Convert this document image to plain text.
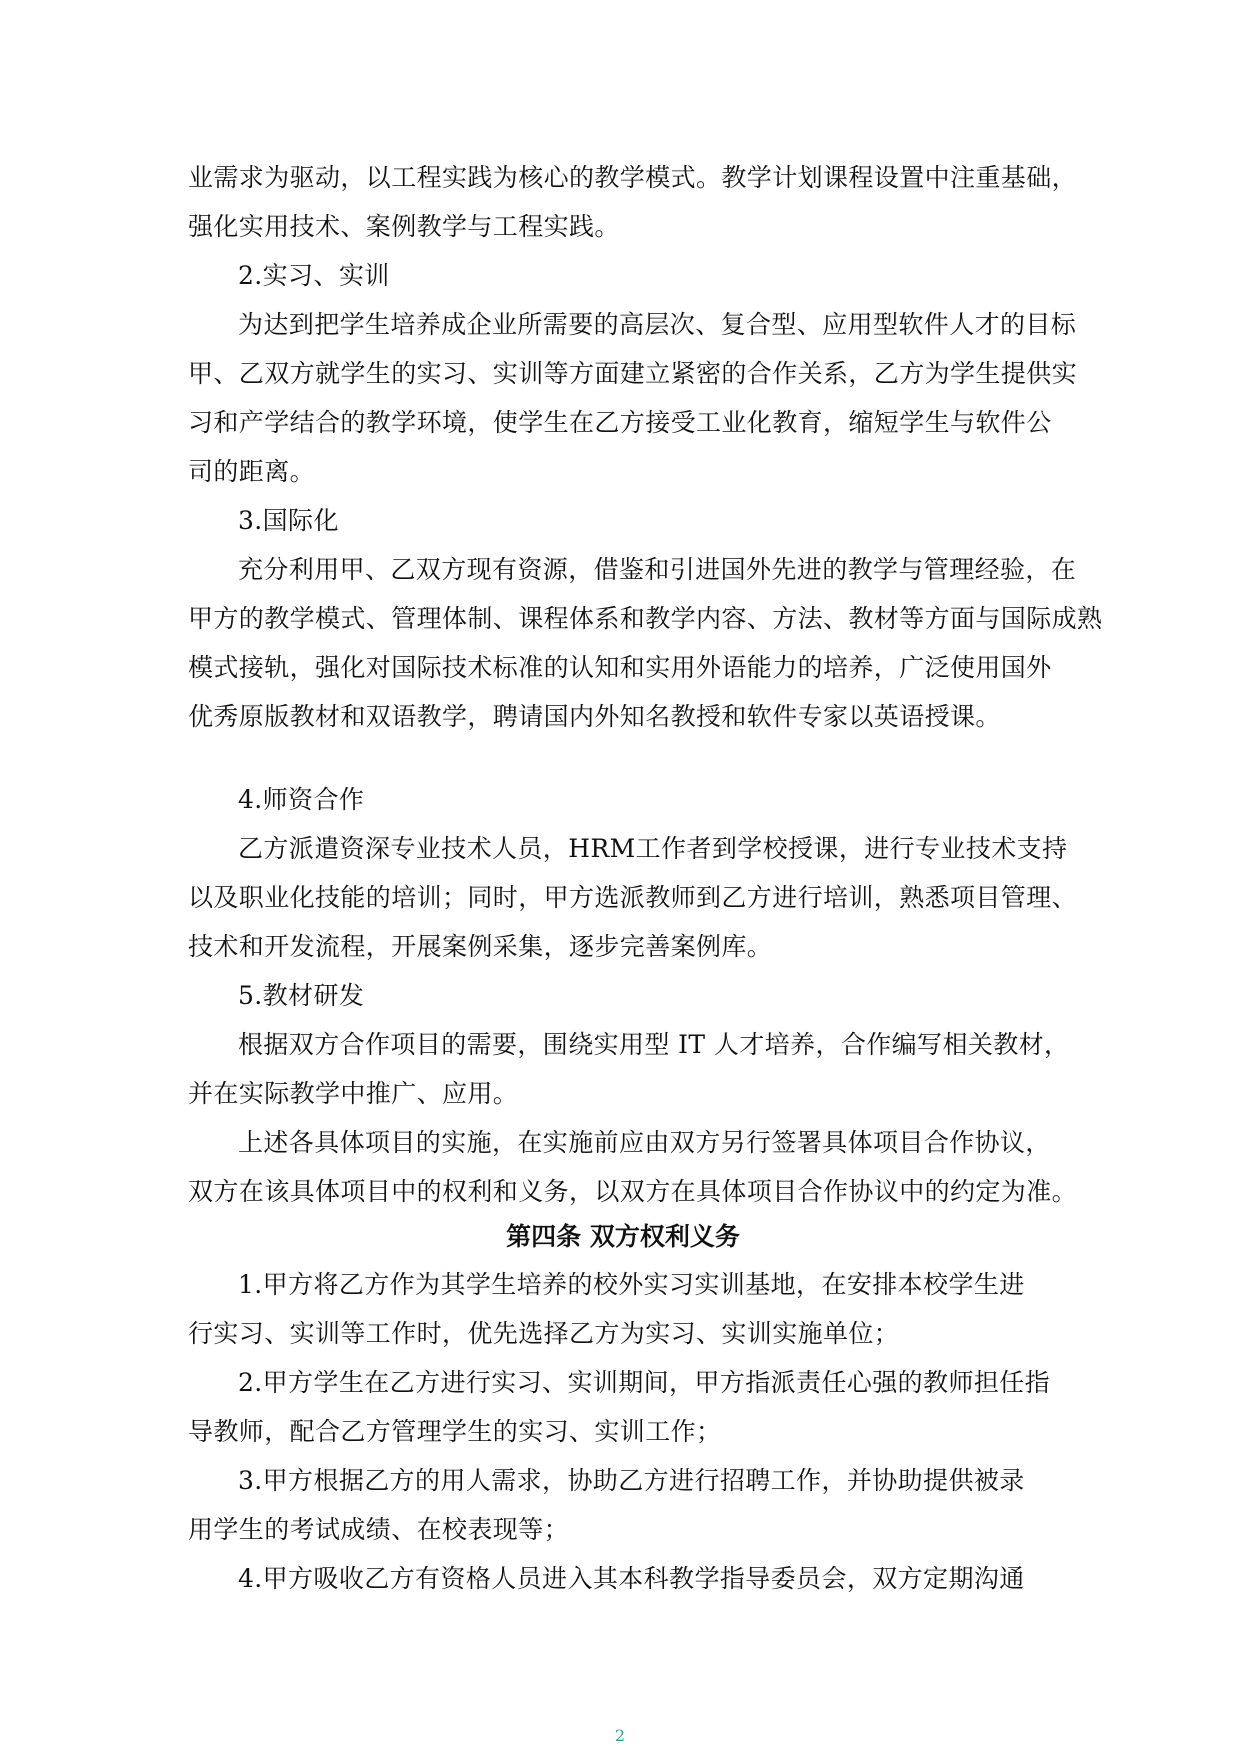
业需求为驱动，以工程实践为核心的教学模式。教学计划课程设置中注重基础，
强化实用技术、案例教学与工程实践。
2.实习、实训
为达到把学生培养成企业所需要的高层次、复合型、应用型软件人才的目标
甲、乙双方就学生的实习、实训等方面建立紧密的合作关系，乙方为学生提供实
习和产学结合的教学环境，使学生在乙方接受工业化教育，缩短学生与软件公
司的距离。
3.国际化
充分利用甲、乙双方现有资源，借鉴和引进国外先进的教学与管理经验，在
甲方的教学模式、管理体制、课程体系和教学内容、方法、教材等方面与国际成熟
模式接轨，强化对国际技术标准的认知和实用外语能力的培养，广泛使用国外
优秀原版教材和双语教学，聘请国内外知名教授和软件专家以英语授课。
4.师资合作
乙方派遣资深专业技术人员，HRM工作者到学校授课，进行专业技术支持
以及职业化技能的培训；同时，甲方选派教师到乙方进行培训，熟悉项目管理、
技术和开发流程，开展案例采集，逐步完善案例库。
5.教材研发
根据双方合作项目的需要，围绕实用型 IT 人才培养，合作编写相关教材，
并在实际教学中推广、应用。
上述各具体项目的实施，在实施前应由双方另行签署具体项目合作协议，
双方在该具体项目中的权利和义务，以双方在具体项目合作协议中的约定为准。
第四条 双方权利义务
1.甲方将乙方作为其学生培养的校外实习实训基地，在安排本校学生进
行实习、实训等工作时，优先选择乙方为实习、实训实施单位；
2.甲方学生在乙方进行实习、实训期间，甲方指派责任心强的教师担任指
导教师，配合乙方管理学生的实习、实训工作；
3.甲方根据乙方的用人需求，协助乙方进行招聘工作，并协助提供被录
用学生的考试成绩、在校表现等；
4.甲方吸收乙方有资格人员进入其本科教学指导委员会，双方定期沟通
2
